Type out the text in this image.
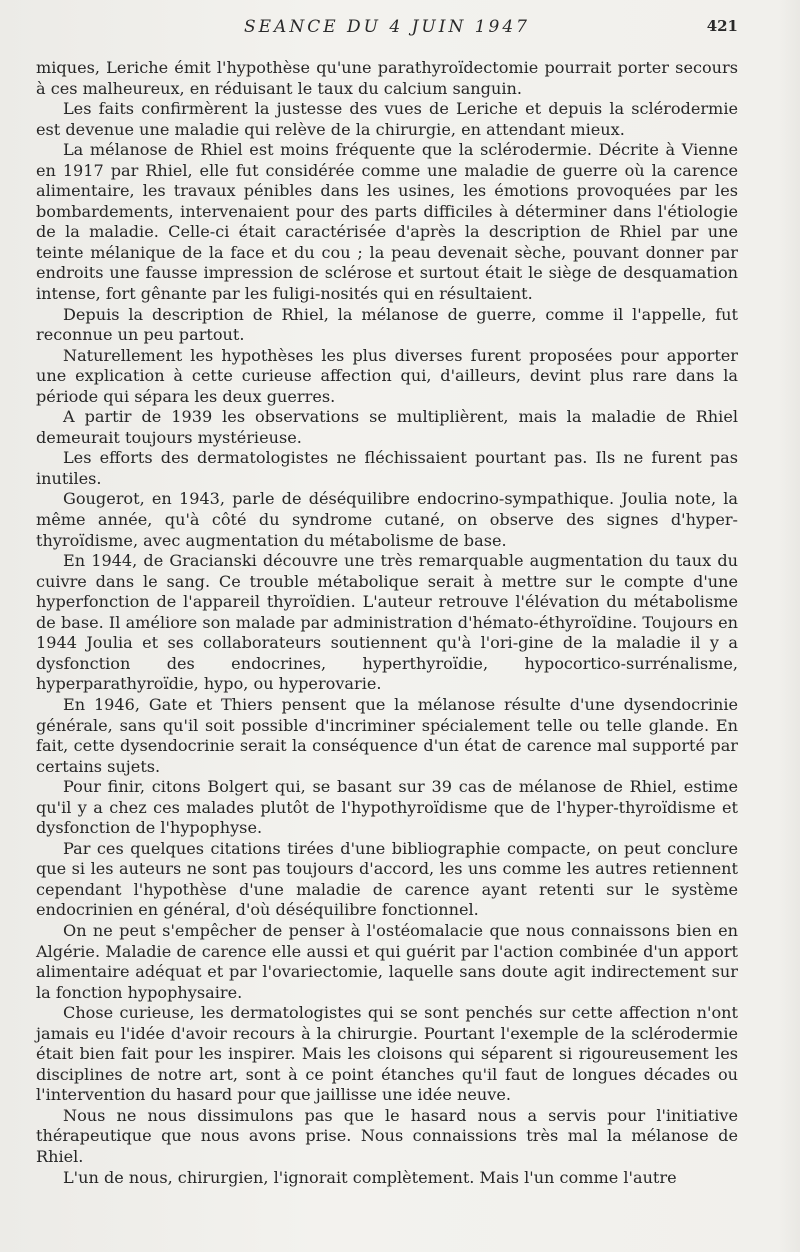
SEANCE DU 4 JUIN 1947	421

miques, Leriche émit l'hypothèse qu'une parathyroïdectomie pourrait porter secours à ces malheureux, en réduisant le taux du calcium sanguin.

Les faits confirmèrent la justesse des vues de Leriche et depuis la sclérodermie est devenue une maladie qui relève de la chirurgie, en attendant mieux.

La mélanose de Rhiel est moins fréquente que la sclérodermie. Décrite à Vienne en 1917 par Rhiel, elle fut considérée comme une maladie de guerre où la carence alimentaire, les travaux pénibles dans les usines, les émotions provoquées par les bombardements, intervenaient pour des parts difficiles à déterminer dans l'étiologie de la maladie. Celle-ci était caractérisée d'après la description de Rhiel par une teinte mélanique de la face et du cou ; la peau devenait sèche, pouvant donner par endroits une fausse impression de sclérose et surtout était le siège de desquamation intense, fort gênante par les fuligi-nosités qui en résultaient.

Depuis la description de Rhiel, la mélanose de guerre, comme il l'appelle, fut reconnue un peu partout.

Naturellement les hypothèses les plus diverses furent proposées pour apporter une explication à cette curieuse affection qui, d'ailleurs, devint plus rare dans la période qui sépara les deux guerres.

A partir de 1939 les observations se multiplièrent, mais la maladie de Rhiel demeurait toujours mystérieuse.

Les efforts des dermatologistes ne fléchissaient pourtant pas. Ils ne furent pas inutiles.

Gougerot, en 1943, parle de déséquilibre endocrino-sympathique. Joulia note, la même année, qu'à côté du syndrome cutané, on observe des signes d'hyper-thyroïdisme, avec augmentation du métabolisme de base.

En 1944, de Gracianski découvre une très remarquable augmentation du taux du cuivre dans le sang. Ce trouble métabolique serait à mettre sur le compte d'une hyperfonction de l'appareil thyroïdien. L'auteur retrouve l'élévation du métabolisme de base. Il améliore son malade par administration d'hémato-éthyroïdine. Toujours en 1944 Joulia et ses collaborateurs soutiennent qu'à l'ori-gine de la maladie il y a dysfonction des endocrines, hyperthyroïdie, hypocortico-surrénalisme, hyperparathyroïdie, hypo, ou hyperovarie.

En 1946, Gate et Thiers pensent que la mélanose résulte d'une dysendocrinie générale, sans qu'il soit possible d'incriminer spécialement telle ou telle glande. En fait, cette dysendocrinie serait la conséquence d'un état de carence mal supporté par certains sujets.

Pour finir, citons Bolgert qui, se basant sur 39 cas de mélanose de Rhiel, estime qu'il y a chez ces malades plutôt de l'hypothyroïdisme que de l'hyper-thyroïdisme et dysfonction de l'hypophyse.

Par ces quelques citations tirées d'une bibliographie compacte, on peut conclure que si les auteurs ne sont pas toujours d'accord, les uns comme les autres retiennent cependant l'hypothèse d'une maladie de carence ayant retenti sur le système endocrinien en général, d'où déséquilibre fonctionnel.

On ne peut s'empêcher de penser à l'ostéomalacie que nous connaissons bien en Algérie. Maladie de carence elle aussi et qui guérit par l'action combinée d'un apport alimentaire adéquat et par l'ovariectomie, laquelle sans doute agit indirectement sur la fonction hypophysaire.

Chose curieuse, les dermatologistes qui se sont penchés sur cette affection n'ont jamais eu l'idée d'avoir recours à la chirurgie. Pourtant l'exemple de la sclérodermie était bien fait pour les inspirer. Mais les cloisons qui séparent si rigoureusement les disciplines de notre art, sont à ce point étanches qu'il faut de longues décades ou l'intervention du hasard pour que jaillisse une idée neuve.

Nous ne nous dissimulons pas que le hasard nous a servis pour l'initiative thérapeutique que nous avons prise. Nous connaissions très mal la mélanose de Rhiel.

L'un de nous, chirurgien, l'ignorait complètement. Mais l'un comme l'autre
